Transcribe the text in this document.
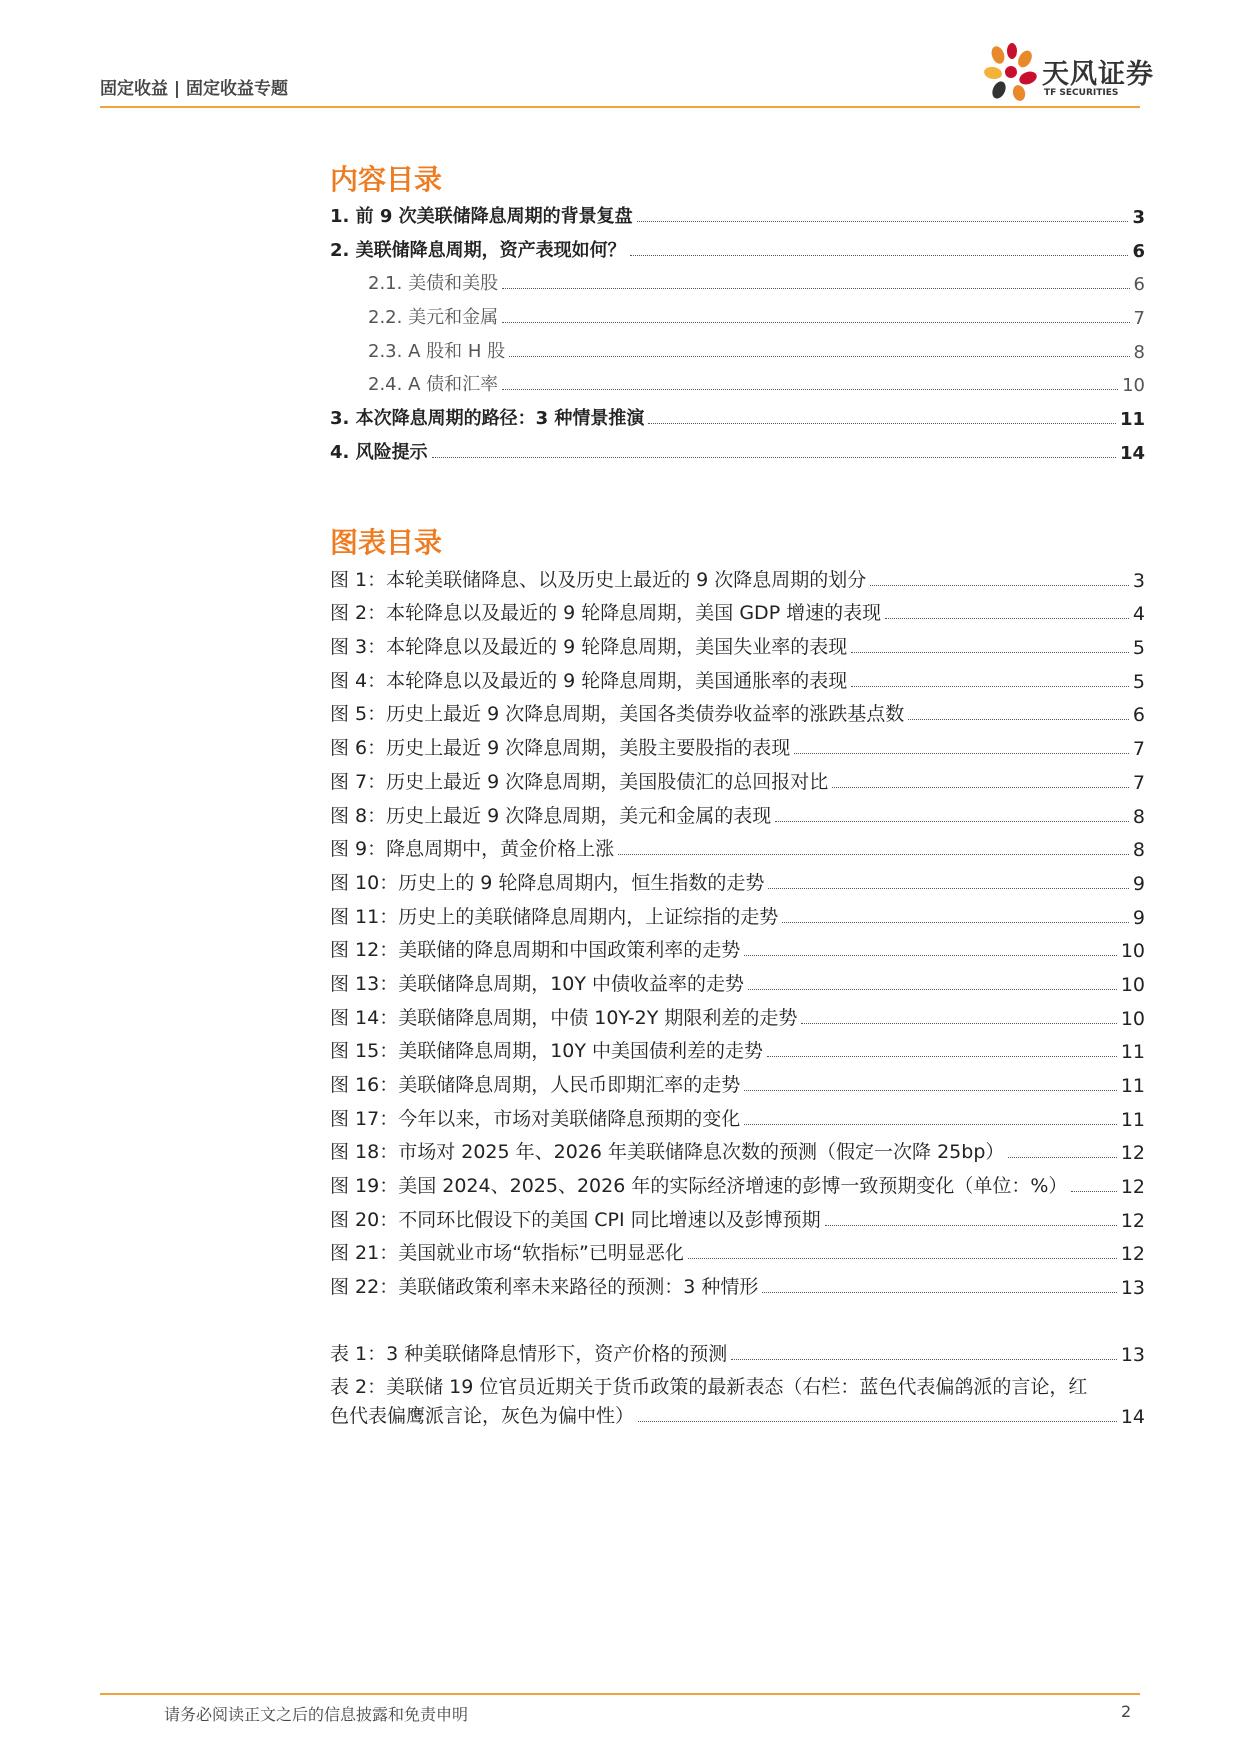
固定收益 | 固定收益专题	天风证券
TF SECURITIES
内容目录
1. 前 9 次美联储降息周期的背景复盘	3
2. 美联储降息周期，资产表现如何？	6
2.1. 美债和美股	6
2.2. 美元和金属	7
2.3. A 股和 H 股	8
2.4. A 债和汇率	10
3. 本次降息周期的路径：3 种情景推演	11
4. 风险提示	14
图表目录
图 1：本轮美联储降息、以及历史上最近的 9 次降息周期的划分	3
图 2：本轮降息以及最近的 9 轮降息周期，美国 GDP 增速的表现	4
图 3：本轮降息以及最近的 9 轮降息周期，美国失业率的表现	5
图 4：本轮降息以及最近的 9 轮降息周期，美国通胀率的表现	5
图 5：历史上最近 9 次降息周期，美国各类债券收益率的涨跌基点数	6
图 6：历史上最近 9 次降息周期，美股主要股指的表现	7
图 7：历史上最近 9 次降息周期，美国股债汇的总回报对比	7
图 8：历史上最近 9 次降息周期，美元和金属的表现	8
图 9：降息周期中，黄金价格上涨	8
图 10：历史上的 9 轮降息周期内，恒生指数的走势	9
图 11：历史上的美联储降息周期内，上证综指的走势	9
图 12：美联储的降息周期和中国政策利率的走势	10
图 13：美联储降息周期，10Y 中债收益率的走势	10
图 14：美联储降息周期，中债 10Y-2Y 期限利差的走势	10
图 15：美联储降息周期，10Y 中美国债利差的走势	11
图 16：美联储降息周期，人民币即期汇率的走势	11
图 17：今年以来，市场对美联储降息预期的变化	11
图 18：市场对 2025 年、2026 年美联储降息次数的预测（假定一次降 25bp）	12
图 19：美国 2024、2025、2026 年的实际经济增速的彭博一致预期变化（单位：%）	12
图 20：不同环比假设下的美国 CPI 同比增速以及彭博预期	12
图 21：美国就业市场“软指标”已明显恶化	12
图 22：美联储政策利率未来路径的预测：3 种情形	13
表 1：3 种美联储降息情形下，资产价格的预测	13
表 2：美联储 19 位官员近期关于货币政策的最新表态（右栏：蓝色代表偏鸽派的言论，红
色代表偏鹰派言论，灰色为偏中性）	14
请务必阅读正文之后的信息披露和免责申明	2
